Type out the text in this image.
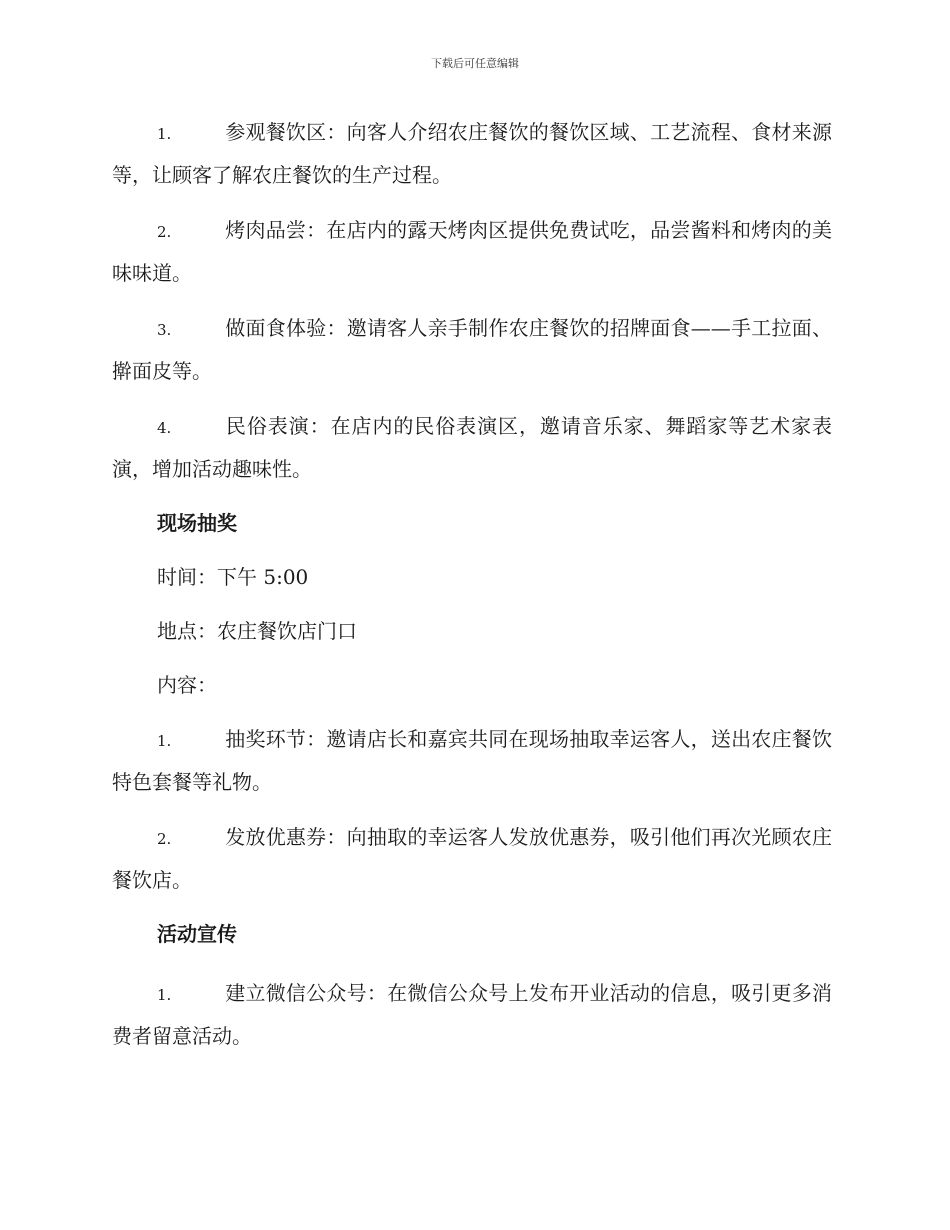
下载后可任意编辑

1.	参观餐饮区：向客人介绍农庄餐饮的餐饮区域、工艺流程、食材来源等，让顾客了解农庄餐饮的生产过程。

2.	烤肉品尝：在店内的露天烤肉区提供免费试吃，品尝酱料和烤肉的美味味道。

3.	做面食体验：邀请客人亲手制作农庄餐饮的招牌面食——手工拉面、擀面皮等。

4.	民俗表演：在店内的民俗表演区，邀请音乐家、舞蹈家等艺术家表演，增加活动趣味性。

现场抽奖
时间：下午 5:00
地点：农庄餐饮店门口
内容：

1.	抽奖环节：邀请店长和嘉宾共同在现场抽取幸运客人，送出农庄餐饮特色套餐等礼物。

2.	发放优惠券：向抽取的幸运客人发放优惠券，吸引他们再次光顾农庄餐饮店。

活动宣传

1.	建立微信公众号：在微信公众号上发布开业活动的信息，吸引更多消费者留意活动。
